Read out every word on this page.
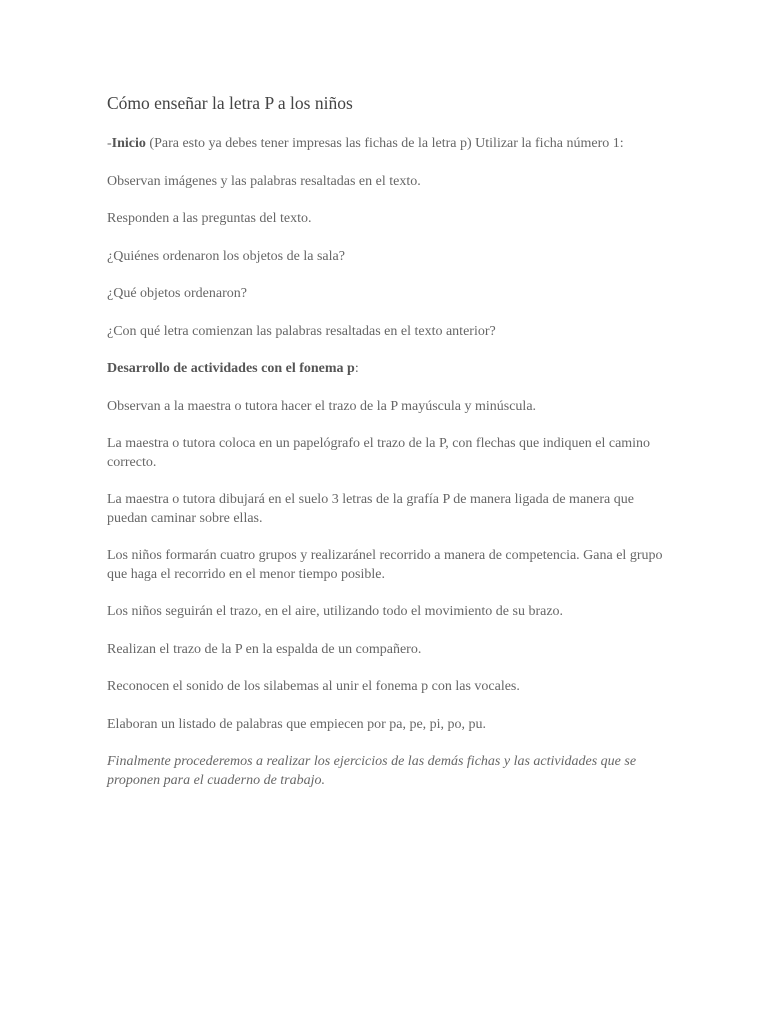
Cómo enseñar la letra P a los niños

-Inicio (Para esto ya debes tener impresas las fichas de la letra p) Utilizar la ficha número 1:

Observan imágenes y las palabras resaltadas en el texto.

Responden a las preguntas del texto.

¿Quiénes ordenaron los objetos de la sala?

¿Qué objetos ordenaron?

¿Con qué letra comienzan las palabras resaltadas en el texto anterior?

Desarrollo de actividades con el fonema p:

Observan a la maestra o tutora hacer el trazo de la P mayúscula y minúscula.

La maestra o tutora coloca en un papelógrafo el trazo de la P, con flechas que indiquen el camino correcto.

La maestra o tutora dibujará en el suelo 3 letras de la grafía P de manera ligada de manera que puedan caminar sobre ellas.

Los niños formarán cuatro grupos y realizaránel recorrido a manera de competencia. Gana el grupo que haga el recorrido en el menor tiempo posible.

Los niños seguirán el trazo, en el aire, utilizando todo el movimiento de su brazo.

Realizan el trazo de la P en la espalda de un compañero.

Reconocen el sonido de los silabemas al unir el fonema p con las vocales.

Elaboran un listado de palabras que empiecen por pa, pe, pi, po, pu.

Finalmente procederemos a realizar los ejercicios de las demás fichas y las actividades que se proponen para el cuaderno de trabajo.
